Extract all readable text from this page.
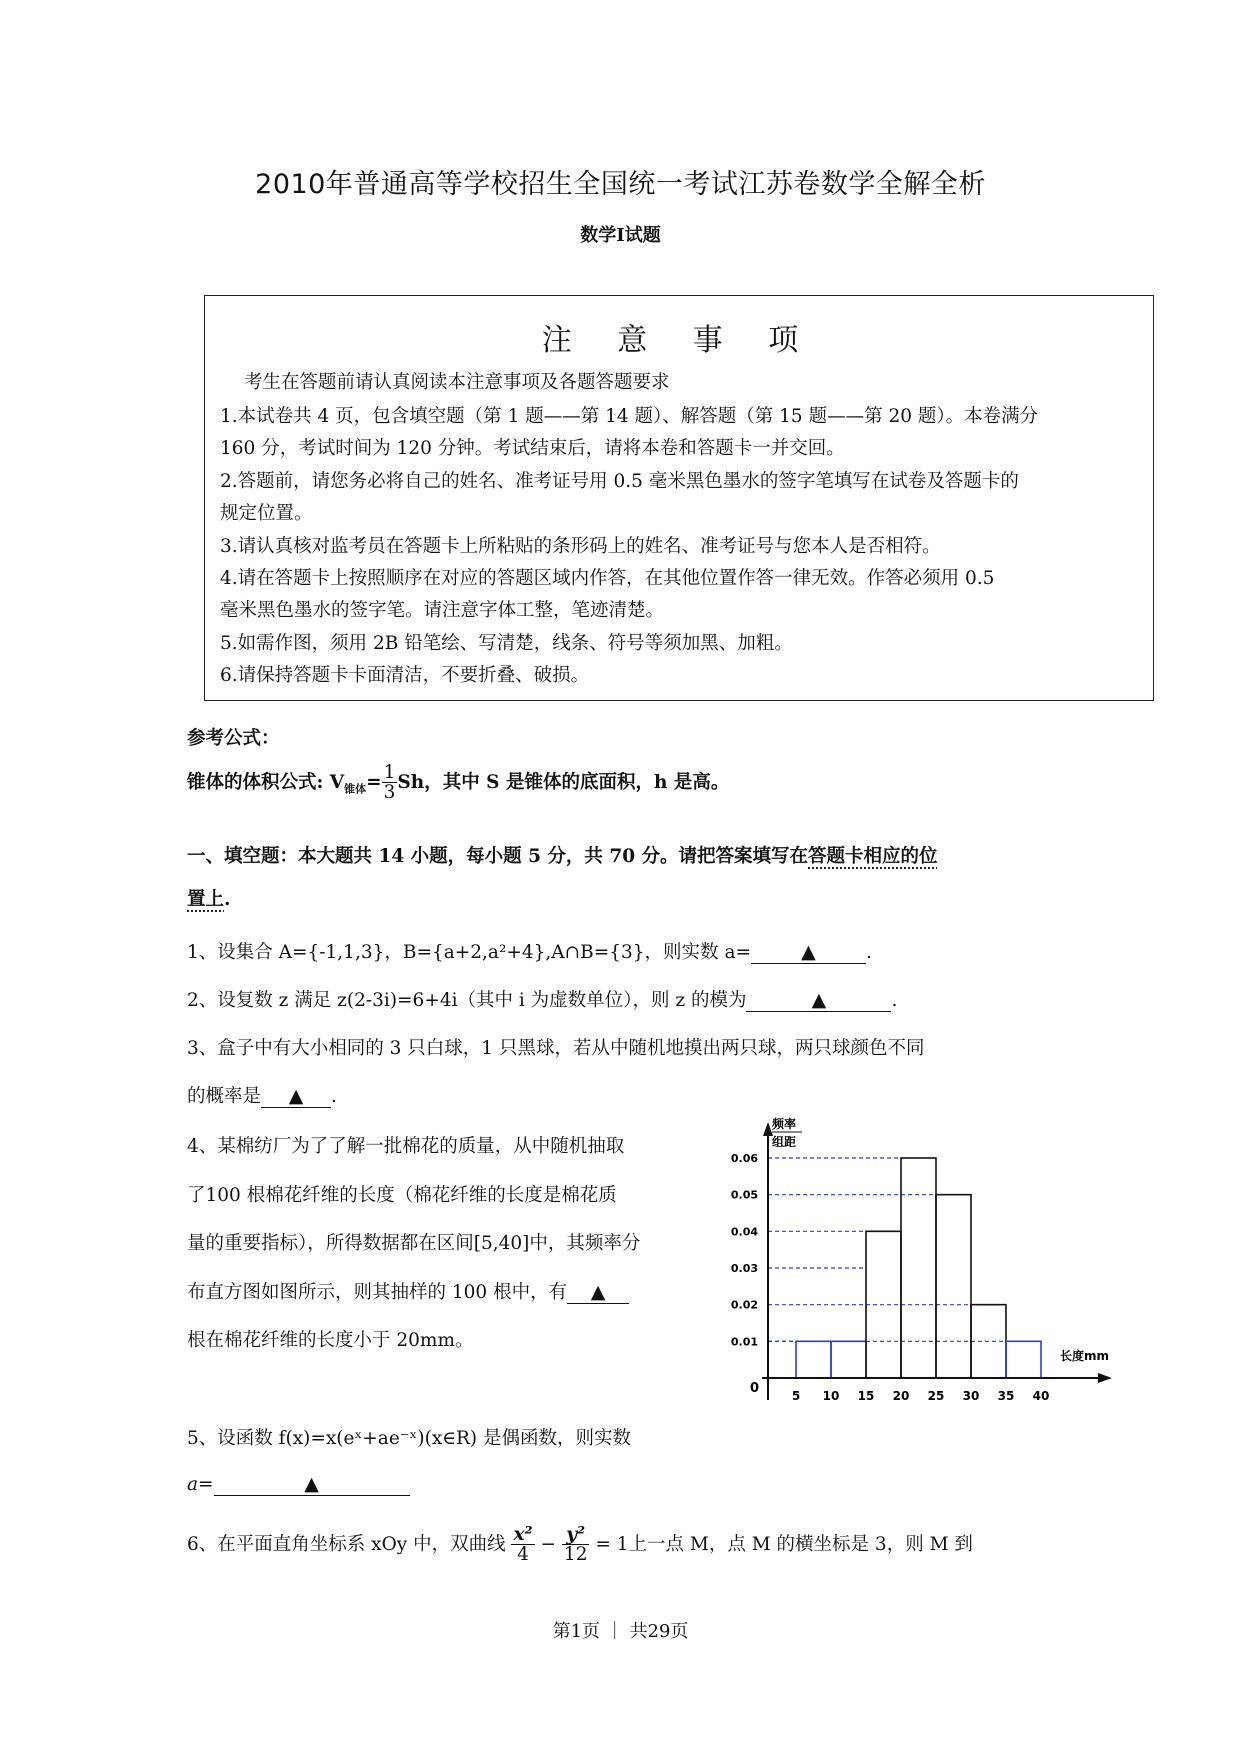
2010年普通高等学校招生全国统一考试江苏卷数学全解全析
数学Ⅰ试题
注 意 事 项
考生在答题前请认真阅读本注意事项及各题答题要求
1.本试卷共 4 页，包含填空题（第 1 题——第 14 题）、解答题（第 15 题——第 20 题）。本卷满分
160 分，考试时间为 120 分钟。考试结束后，请将本卷和答题卡一并交回。
2.答题前，请您务必将自己的姓名、准考证号用 0.5 毫米黑色墨水的签字笔填写在试卷及答题卡的
规定位置。
3.请认真核对监考员在答题卡上所粘贴的条形码上的姓名、准考证号与您本人是否相符。
4.请在答题卡上按照顺序在对应的答题区域内作答，在其他位置作答一律无效。作答必须用 0.5
毫米黑色墨水的签字笔。请注意字体工整，笔迹清楚。
5.如需作图，须用 2B 铅笔绘、写清楚，线条、符号等须加黑、加粗。
6.请保持答题卡卡面清洁，不要折叠、破损。
参考公式：
锥体的体积公式: $V_{锥体}= \frac{1}{3}$ Sh，其中 S 是锥体的底面积，h 是高。
一、填空题：本大题共 14 小题，每小题 5 分，共 70 分。请把答案填写在答题卡相应的位
置上.
1、设集合 A={-1,1,3}，B={a+2,a²+4},A∩B={3}，则实数 a=	▲	.
2、设复数 z 满足 z(2-3i)=6+4i（其中 i 为虚数单位），则 z 的模为	▲	.
3、盒子中有大小相同的 3 只白球，1 只黑球，若从中随机地摸出两只球，两只球颜色不同
的概率是 ▲ .
4、某棉纺厂为了了解一批棉花的质量，从中随机抽取
了100 根棉花纤维的长度（棉花纤维的长度是棉花质
量的重要指标），所得数据都在区间[5,40]中，其频率分
布直方图如图所示，则其抽样的 100 根中，有 ▲
根在棉花纤维的长度小于 20mm。
频率
组距
长度mm
0
0.01
0.02
0.03
0.04
0.05
0.06
5 10 15 20 25 30 35 40
5、设函数 f(x)=x(eˣ+ae⁻ˣ)(x∈R) 是偶函数，则实数
a=	▲
6、在平面直角坐标系 xOy 中，双曲线 $\frac{\text{x²}}{4} - \frac{\text{y²}}{12} = 1$上一点 M，点 M 的横坐标是 3，则 M 到
第1页 ｜ 共29页
